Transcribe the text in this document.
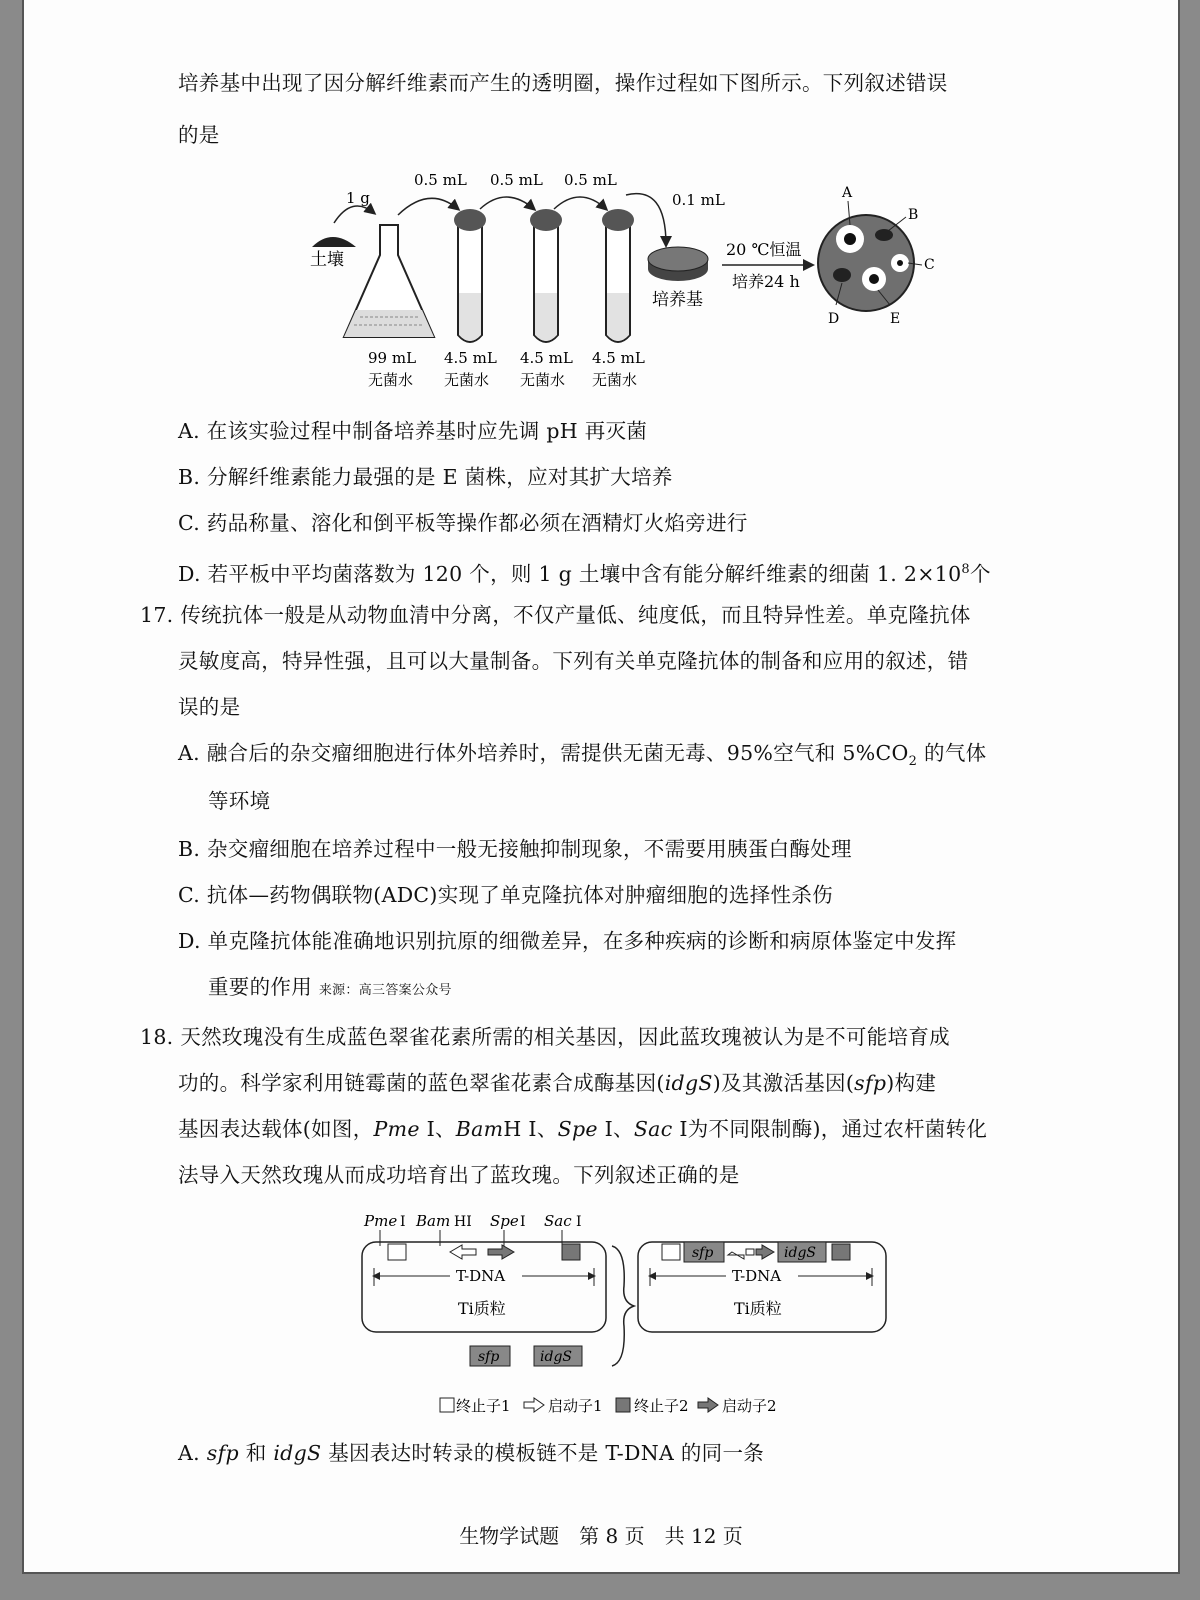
培养基中出现了因分解纤维素而产生的透明圈，操作过程如下图所示。下列叙述错误
的是
土壤
1 g
99 mL
无菌水
0.5 mL 0.5 mL 0.5 mL
0.1 mL
4.5 mL 4.5 mL 4.5 mL
无菌水 无菌水 无菌水
培养基
20 ℃恒温
培养24 h
A
B
C
D	E
A. 在该实验过程中制备培养基时应先调 pH 再灭菌
B. 分解纤维素能力最强的是 E 菌株，应对其扩大培养
C. 药品称量、溶化和倒平板等操作都必须在酒精灯火焰旁进行
D. 若平板中平均菌落数为 120 个，则 1 g 土壤中含有能分解纤维素的细菌 1. $2\times 10^8$个
17. 传统抗体一般是从动物血清中分离，不仅产量低、纯度低，而且特异性差。单克隆抗体
灵敏度高，特异性强，且可以大量制备。下列有关单克隆抗体的制备和应用的叙述，错
误的是
A. 融合后的杂交瘤细胞进行体外培养时，需提供无菌无毒、95%空气和 $5\%CO_2$ 的气体
等环境
B. 杂交瘤细胞在培养过程中一般无接触抑制现象，不需要用胰蛋白酶处理
C. 抗体—药物偶联物(ADC)实现了单克隆抗体对肿瘤细胞的选择性杀伤
D. 单克隆抗体能准确地识别抗原的细微差异，在多种疾病的诊断和病原体鉴定中发挥
重要的作用 来源：高三答案公众号
18. 天然玫瑰没有生成蓝色翠雀花素所需的相关基因，因此蓝玫瑰被认为是不可能培育成
功的。科学家利用链霉菌的蓝色翠雀花素合成酶基因(idgS)及其激活基因(sfp)构建
基因表达载体(如图，Pme Ⅰ、BamH Ⅰ、Spe Ⅰ、Sac Ⅰ为不同限制酶)，通过农杆菌转化
法导入天然玫瑰从而成功培育出了蓝玫瑰。下列叙述正确的是
Pme Ⅰ Bam HⅠ Spe Ⅰ Sac Ⅰ
T-DNA
Ti质粒
sfp	idgS
sfp	idgS
T-DNA
Ti质粒
终止子1 启动子1 终止子2 启动子2
A. sfp 和 idgS 基因表达时转录的模板链不是 T-DNA 的同一条
生物学试题　第 8 页　共 12 页
